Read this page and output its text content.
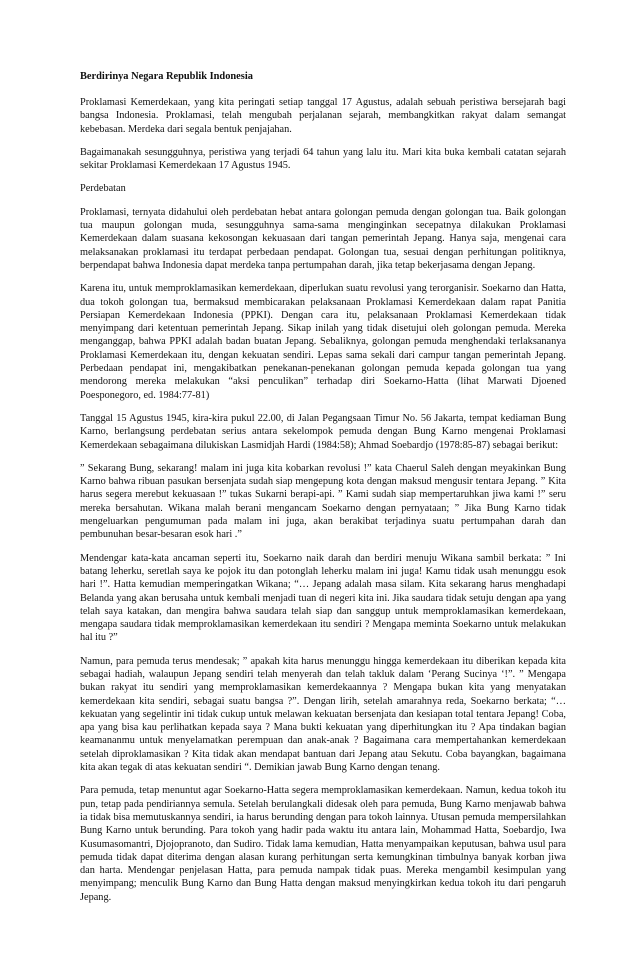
Berdirinya Negara Republik Indonesia

Proklamasi Kemerdekaan, yang kita peringati setiap tanggal 17 Agustus, adalah sebuah peristiwa bersejarah bagi bangsa Indonesia. Proklamasi, telah mengubah perjalanan sejarah, membangkitkan rakyat dalam semangat kebebasan. Merdeka dari segala bentuk penjajahan.

Bagaimanakah sesungguhnya, peristiwa yang terjadi 64 tahun yang lalu itu. Mari kita buka kembali catatan sejarah sekitar Proklamasi Kemerdekaan 17 Agustus 1945.

Perdebatan

Proklamasi, ternyata didahului oleh perdebatan hebat antara golongan pemuda dengan golongan tua. Baik golongan tua maupun golongan muda, sesungguhnya sama-sama menginginkan secepatnya dilakukan Proklamasi Kemerdekaan dalam suasana kekosongan kekuasaan dari tangan pemerintah Jepang. Hanya saja, mengenai cara melaksanakan proklamasi itu terdapat perbedaan pendapat. Golongan tua, sesuai dengan perhitungan politiknya, berpendapat bahwa Indonesia dapat merdeka tanpa pertumpahan darah, jika tetap bekerjasama dengan Jepang.

Karena itu, untuk memproklamasikan kemerdekaan, diperlukan suatu revolusi yang terorganisir. Soekarno dan Hatta, dua tokoh golongan tua, bermaksud membicarakan pelaksanaan Proklamasi Kemerdekaan dalam rapat Panitia Persiapan Kemerdekaan Indonesia (PPKI). Dengan cara itu, pelaksanaan Proklamasi Kemerdekaan tidak menyimpang dari ketentuan pemerintah Jepang. Sikap inilah yang tidak disetujui oleh golongan pemuda. Mereka menganggap, bahwa PPKI adalah badan buatan Jepang. Sebaliknya, golongan pemuda menghendaki terlaksananya Proklamasi Kemerdekaan itu, dengan kekuatan sendiri. Lepas sama sekali dari campur tangan pemerintah Jepang. Perbedaan pendapat ini, mengakibatkan penekanan-penekanan golongan pemuda kepada golongan tua yang mendorong mereka melakukan “aksi penculikan” terhadap diri Soekarno-Hatta (lihat Marwati Djoened Poesponegoro, ed. 1984:77-81)

Tanggal 15 Agustus 1945, kira-kira pukul 22.00, di Jalan Pegangsaan Timur No. 56 Jakarta, tempat kediaman Bung Karno, berlangsung perdebatan serius antara sekelompok pemuda dengan Bung Karno mengenai Proklamasi Kemerdekaan sebagaimana dilukiskan Lasmidjah Hardi (1984:58); Ahmad Soebardjo (1978:85-87) sebagai berikut:

” Sekarang Bung, sekarang! malam ini juga kita kobarkan revolusi !” kata Chaerul Saleh dengan meyakinkan Bung Karno bahwa ribuan pasukan bersenjata sudah siap mengepung kota dengan maksud mengusir tentara Jepang. ” Kita harus segera merebut kekuasaan !” tukas Sukarni berapi-api. ” Kami sudah siap mempertaruhkan jiwa kami !” seru mereka bersahutan. Wikana malah berani mengancam Soekarno dengan pernyataan; ” Jika Bung Karno tidak mengeluarkan pengumuman pada malam ini juga, akan berakibat terjadinya suatu pertumpahan darah dan pembunuhan besar-besaran esok hari .”

Mendengar kata-kata ancaman seperti itu, Soekarno naik darah dan berdiri menuju Wikana sambil berkata: ” Ini batang leherku, seretlah saya ke pojok itu dan potonglah leherku malam ini juga! Kamu tidak usah menunggu esok hari !”. Hatta kemudian memperingatkan Wikana; “… Jepang adalah masa silam. Kita sekarang harus menghadapi Belanda yang akan berusaha untuk kembali menjadi tuan di negeri kita ini. Jika saudara tidak setuju dengan apa yang telah saya katakan, dan mengira bahwa saudara telah siap dan sanggup untuk memproklamasikan kemerdekaan, mengapa saudara tidak memproklamasikan kemerdekaan itu sendiri ? Mengapa meminta Soekarno untuk melakukan hal itu ?”

Namun, para pemuda terus mendesak; ” apakah kita harus menunggu hingga kemerdekaan itu diberikan kepada kita sebagai hadiah, walaupun Jepang sendiri telah menyerah dan telah takluk dalam ‘Perang Sucinya ‘!”. ” Mengapa bukan rakyat itu sendiri yang memproklamasikan kemerdekaannya ? Mengapa bukan kita yang menyatakan kemerdekaan kita sendiri, sebagai suatu bangsa ?”. Dengan lirih, setelah amarahnya reda, Soekarno berkata; “… kekuatan yang segelintir ini tidak cukup untuk melawan kekuatan bersenjata dan kesiapan total tentara Jepang! Coba, apa yang bisa kau perlihatkan kepada saya ? Mana bukti kekuatan yang diperhitungkan itu ? Apa tindakan bagian keamananmu untuk menyelamatkan perempuan dan anak-anak ? Bagaimana cara mempertahankan kemerdekaan setelah diproklamasikan ? Kita tidak akan mendapat bantuan dari Jepang atau Sekutu. Coba bayangkan, bagaimana kita akan tegak di atas kekuatan sendiri “. Demikian jawab Bung Karno dengan tenang.

Para pemuda, tetap menuntut agar Soekarno-Hatta segera memproklamasikan kemerdekaan. Namun, kedua tokoh itu pun, tetap pada pendiriannya semula. Setelah berulangkali didesak oleh para pemuda, Bung Karno menjawab bahwa ia tidak bisa memutuskannya sendiri, ia harus berunding dengan para tokoh lainnya. Utusan pemuda mempersilahkan Bung Karno untuk berunding. Para tokoh yang hadir pada waktu itu antara lain, Mohammad Hatta, Soebardjo, Iwa Kusumasomantri, Djojopranoto, dan Sudiro. Tidak lama kemudian, Hatta menyampaikan keputusan, bahwa usul para pemuda tidak dapat diterima dengan alasan kurang perhitungan serta kemungkinan timbulnya banyak korban jiwa dan harta. Mendengar penjelasan Hatta, para pemuda nampak tidak puas. Mereka mengambil kesimpulan yang menyimpang; menculik Bung Karno dan Bung Hatta dengan maksud menyingkirkan kedua tokoh itu dari pengaruh Jepang.
